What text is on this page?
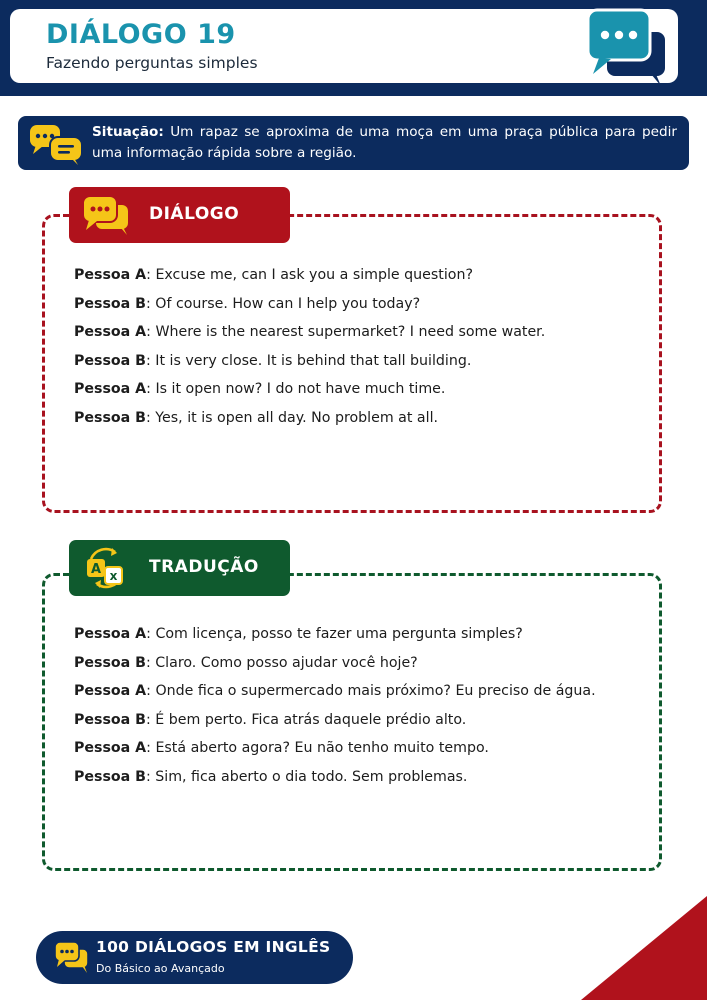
DIÁLOGO 19
Fazendo perguntas simples
Situação: Um rapaz se aproxima de uma moça em uma praça pública para pedir uma informação rápida sobre a região.
DIÁLOGO
Pessoa A: Excuse me, can I ask you a simple question?
Pessoa B: Of course. How can I help you today?
Pessoa A: Where is the nearest supermarket? I need some water.
Pessoa B: It is very close. It is behind that tall building.
Pessoa A: Is it open now? I do not have much time.
Pessoa B: Yes, it is open all day. No problem at all.
A x TRADUÇÃO
Pessoa A: Com licença, posso te fazer uma pergunta simples?
Pessoa B: Claro. Como posso ajudar você hoje?
Pessoa A: Onde fica o supermercado mais próximo? Eu preciso de água.
Pessoa B: É bem perto. Fica atrás daquele prédio alto.
Pessoa A: Está aberto agora? Eu não tenho muito tempo.
Pessoa B: Sim, fica aberto o dia todo. Sem problemas.
100 DIÁLOGOS EM INGLÊS
Do Básico ao Avançado
